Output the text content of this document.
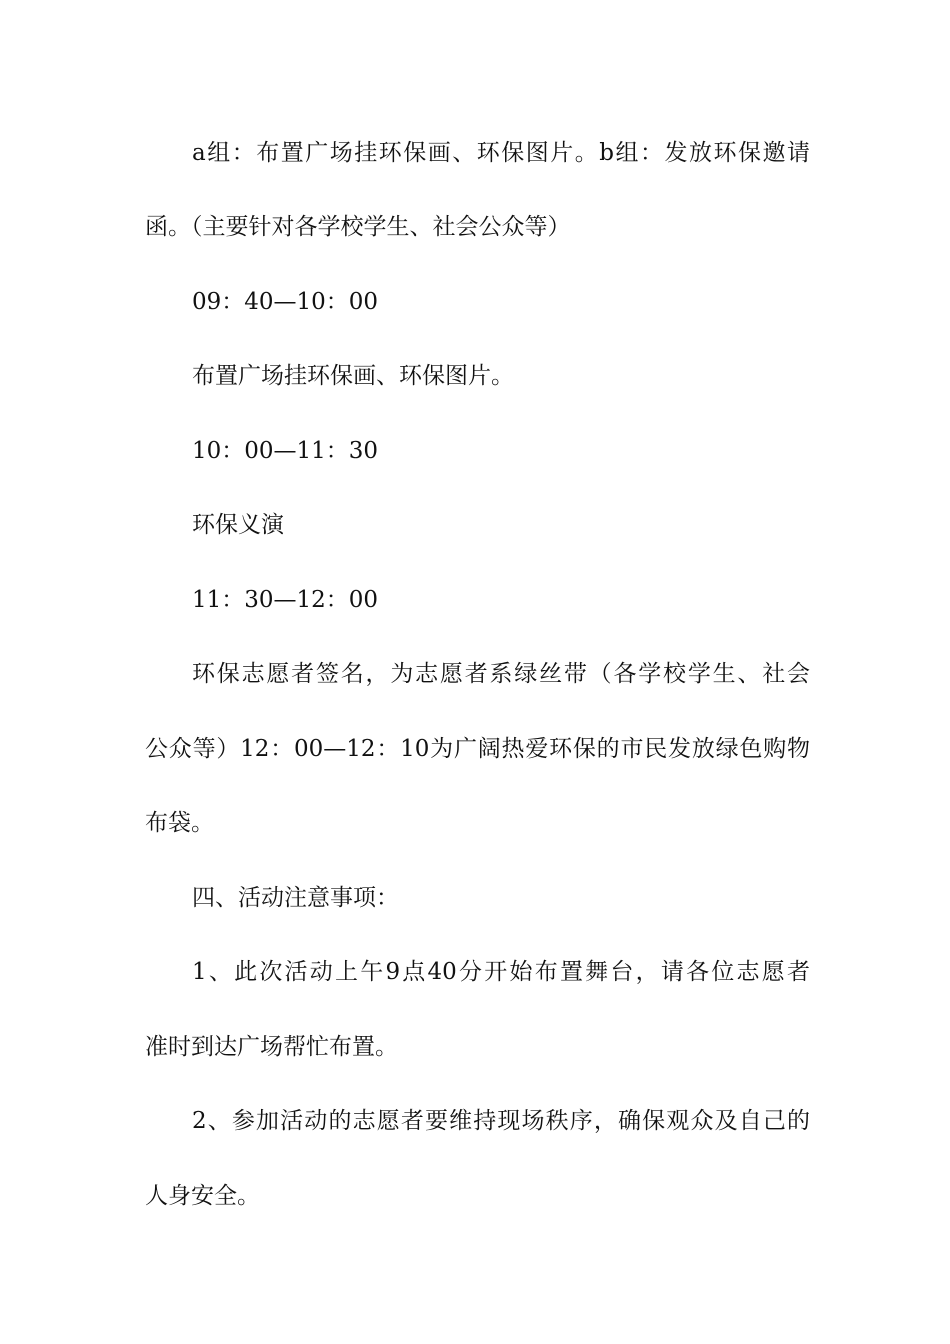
a组：布置广场挂环保画、环保图片。b组：发放环保邀请
函。（主要针对各学校学生、社会公众等）
09：40—10：00
布置广场挂环保画、环保图片。
10：00—11：30
环保义演
11：30—12：00
环保志愿者签名，为志愿者系绿丝带（各学校学生、社会
公众等）12：00—12：10为广阔热爱环保的市民发放绿色购物
布袋。
四、活动注意事项：
1、此次活动上午9点40分开始布置舞台，请各位志愿者
准时到达广场帮忙布置。
2、参加活动的志愿者要维持现场秩序，确保观众及自己的
人身安全。
